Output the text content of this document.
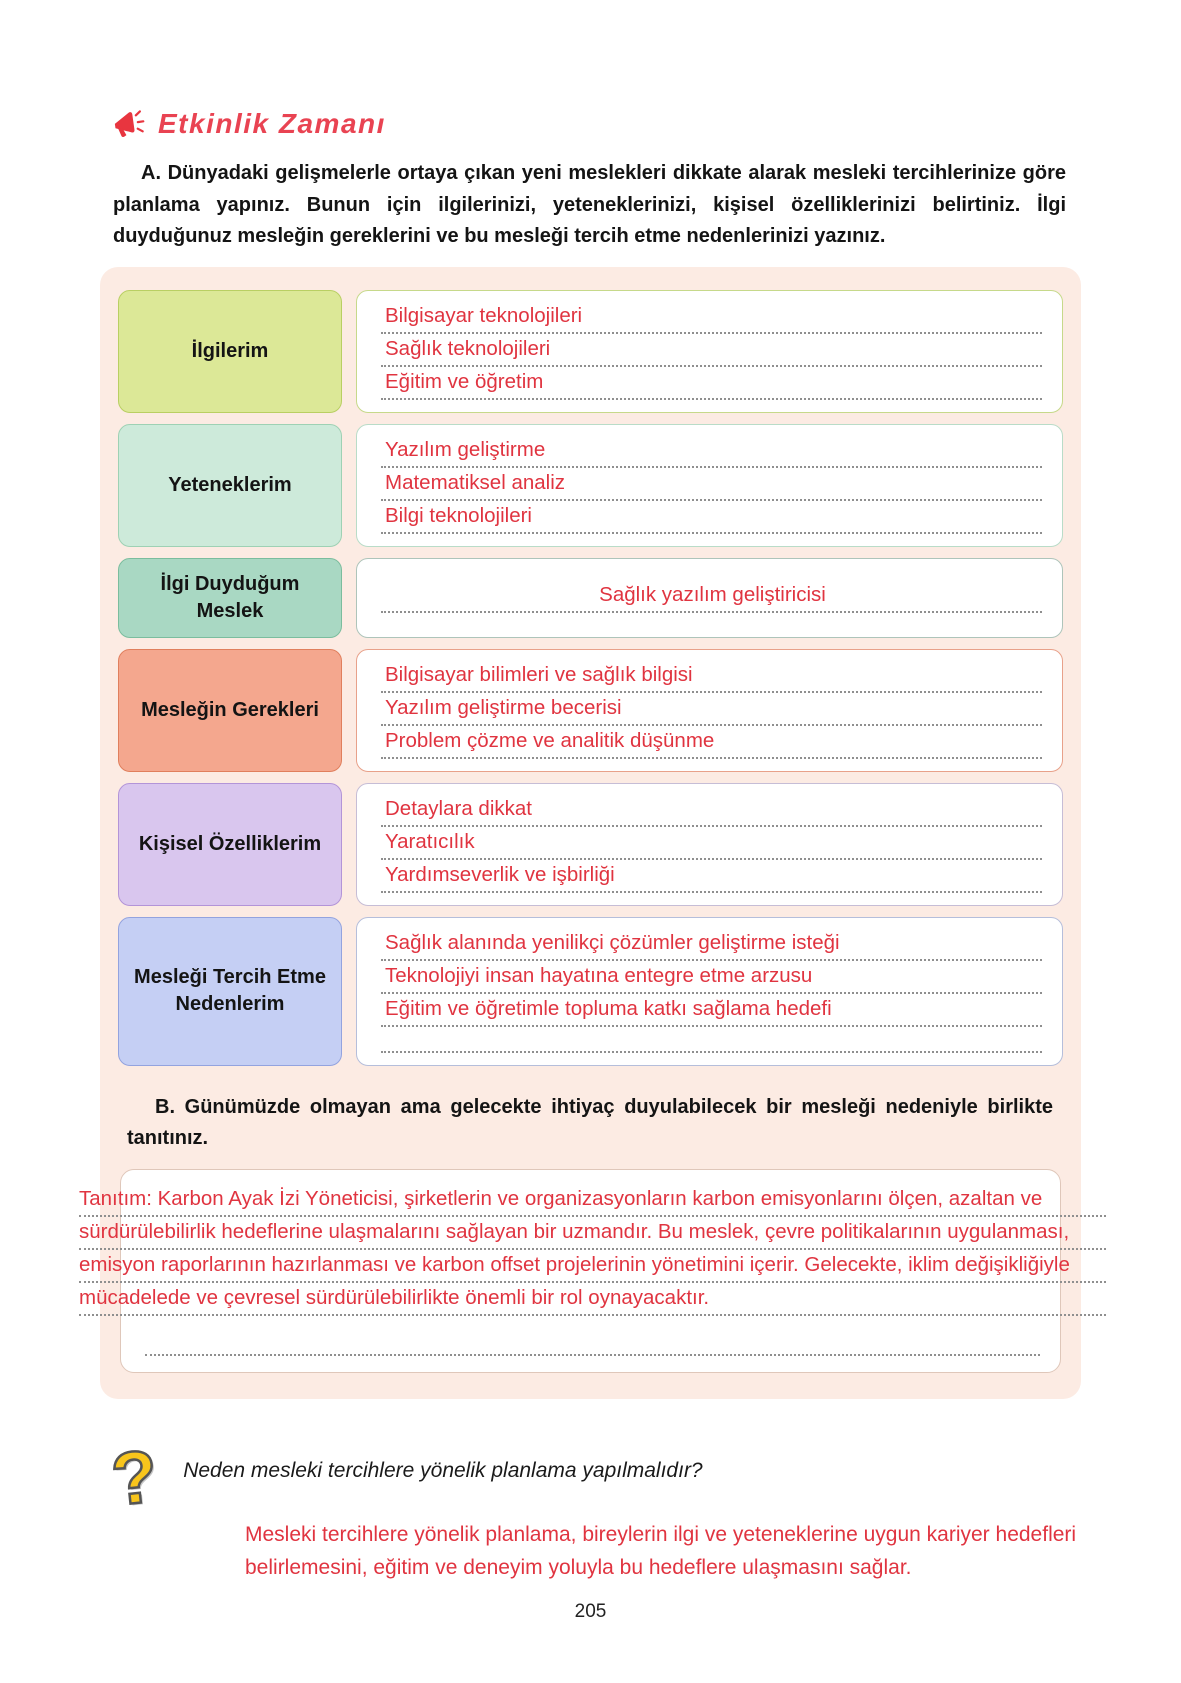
Etkinlik Zamanı

A. Dünyadaki gelişmelerle ortaya çıkan yeni meslekleri dikkate alarak mesleki tercihlerinize göre planlama yapınız. Bunun için ilgilerinizi, yeteneklerinizi, kişisel özelliklerinizi belirtiniz. İlgi duyduğunuz mesleğin gereklerini ve bu mesleği tercih etme nedenlerinizi yazınız.

İlgilerim
Bilgisayar teknolojileri
Sağlık teknolojileri
Eğitim ve öğretim
Yeteneklerim
Yazılım geliştirme
Matematiksel analiz
Bilgi teknolojileri
İlgi Duyduğum Meslek
Sağlık yazılım geliştiricisi
Mesleğin Gerekleri
Bilgisayar bilimleri ve sağlık bilgisi
Yazılım geliştirme becerisi
Problem çözme ve analitik düşünme
Kişisel Özelliklerim
Detaylara dikkat
Yaratıcılık
Yardımseverlik ve işbirliği
Mesleği Tercih Etme Nedenlerim
Sağlık alanında yenilikçi çözümler geliştirme isteği
Teknolojiyi insan hayatına entegre etme arzusu
Eğitim ve öğretimle topluma katkı sağlama hedefi

B. Günümüzde olmayan ama gelecekte ihtiyaç duyulabilecek bir mesleği nedeniyle birlikte tanıtınız.

Tanıtım: Karbon Ayak İzi Yöneticisi, şirketlerin ve organizasyonların karbon emisyonlarını ölçen, azaltan ve
sürdürülebilirlik hedeflerine ulaşmalarını sağlayan bir uzmandır. Bu meslek, çevre politikalarının uygulanması,
emisyon raporlarının hazırlanması ve karbon offset projelerinin yönetimini içerir. Gelecekte, iklim değişikliğiyle
mücadelede ve çevresel sürdürülebilirlikte önemli bir rol oynayacaktır.
? Neden mesleki tercihlere yönelik planlama yapılmalıdır?
Mesleki tercihlere yönelik planlama, bireylerin ilgi ve yeteneklerine uygun kariyer hedefleri belirlemesini, eğitim ve deneyim yoluyla bu hedeflere ulaşmasını sağlar.
205
